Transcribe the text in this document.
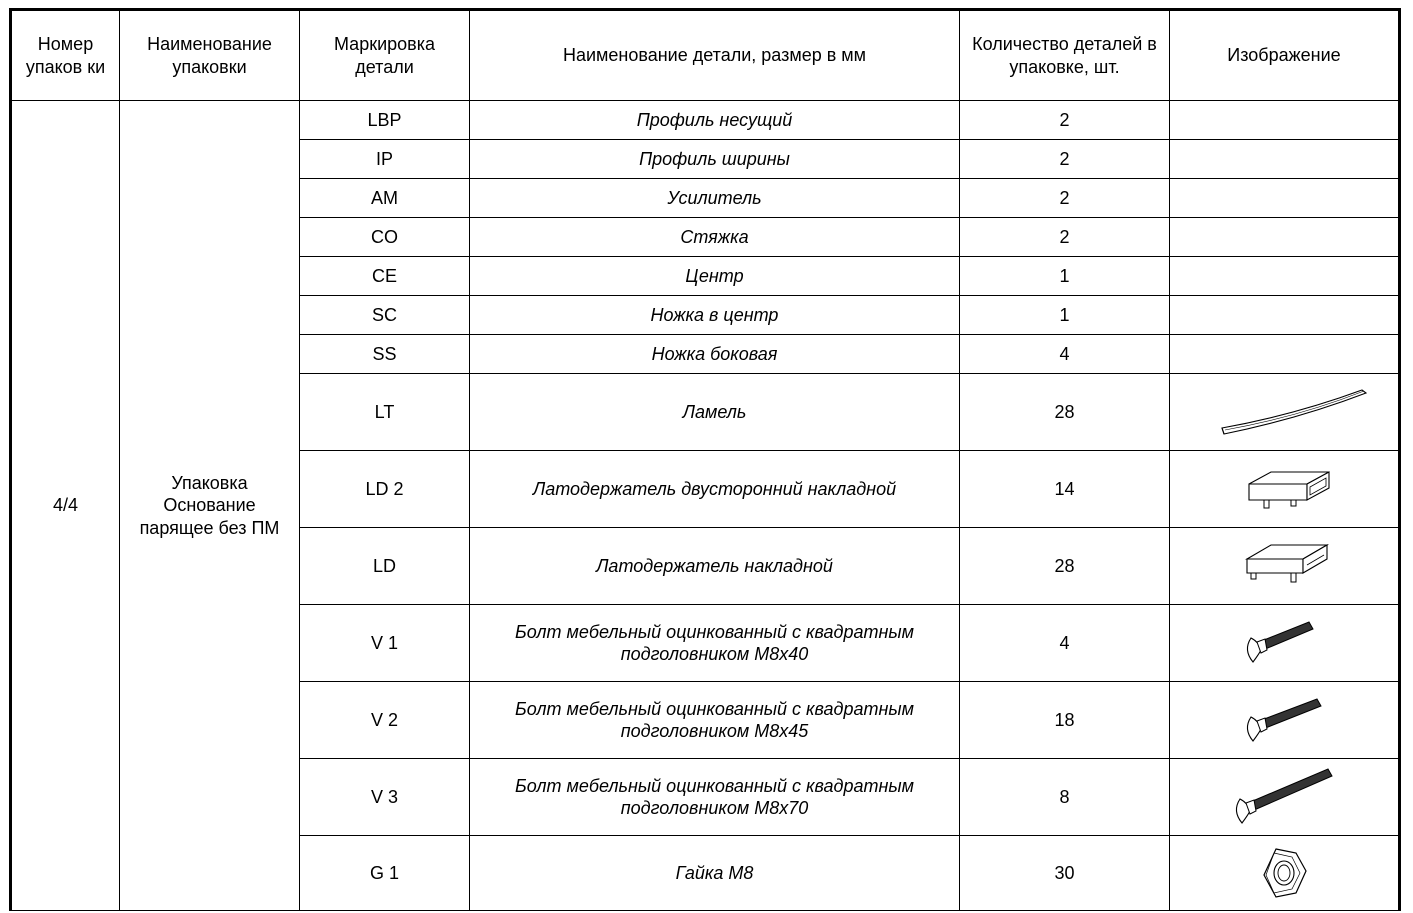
Номер упаков ки	Наименование упаковки	Маркировка детали	Наименование детали, размер в мм	Количество деталей в упаковке, шт.	Изображение
4/4	Упаковка Основание парящее без ПМ	LBP	Профиль несущий	2	
		IP	Профиль ширины	2	
		AM	Усилитель	2	
		CO	Стяжка	2	
		CE	Центр	1	
		SC	Ножка в центр	1	
		SS	Ножка боковая	4	
		LT	Ламель	28	

		LD 2	Латодержатель двусторонний накладной	14	

		LD	Латодержатель накладной	28	

		V 1	Болт мебельный оцинкованный с квадратным подголовником М8х40	4	

		V 2	Болт мебельный оцинкованный с квадратным подголовником М8х45	18	

		V 3	Болт мебельный оцинкованный с квадратным подголовником М8х70	8	

		G 1	Гайка М8	30	
